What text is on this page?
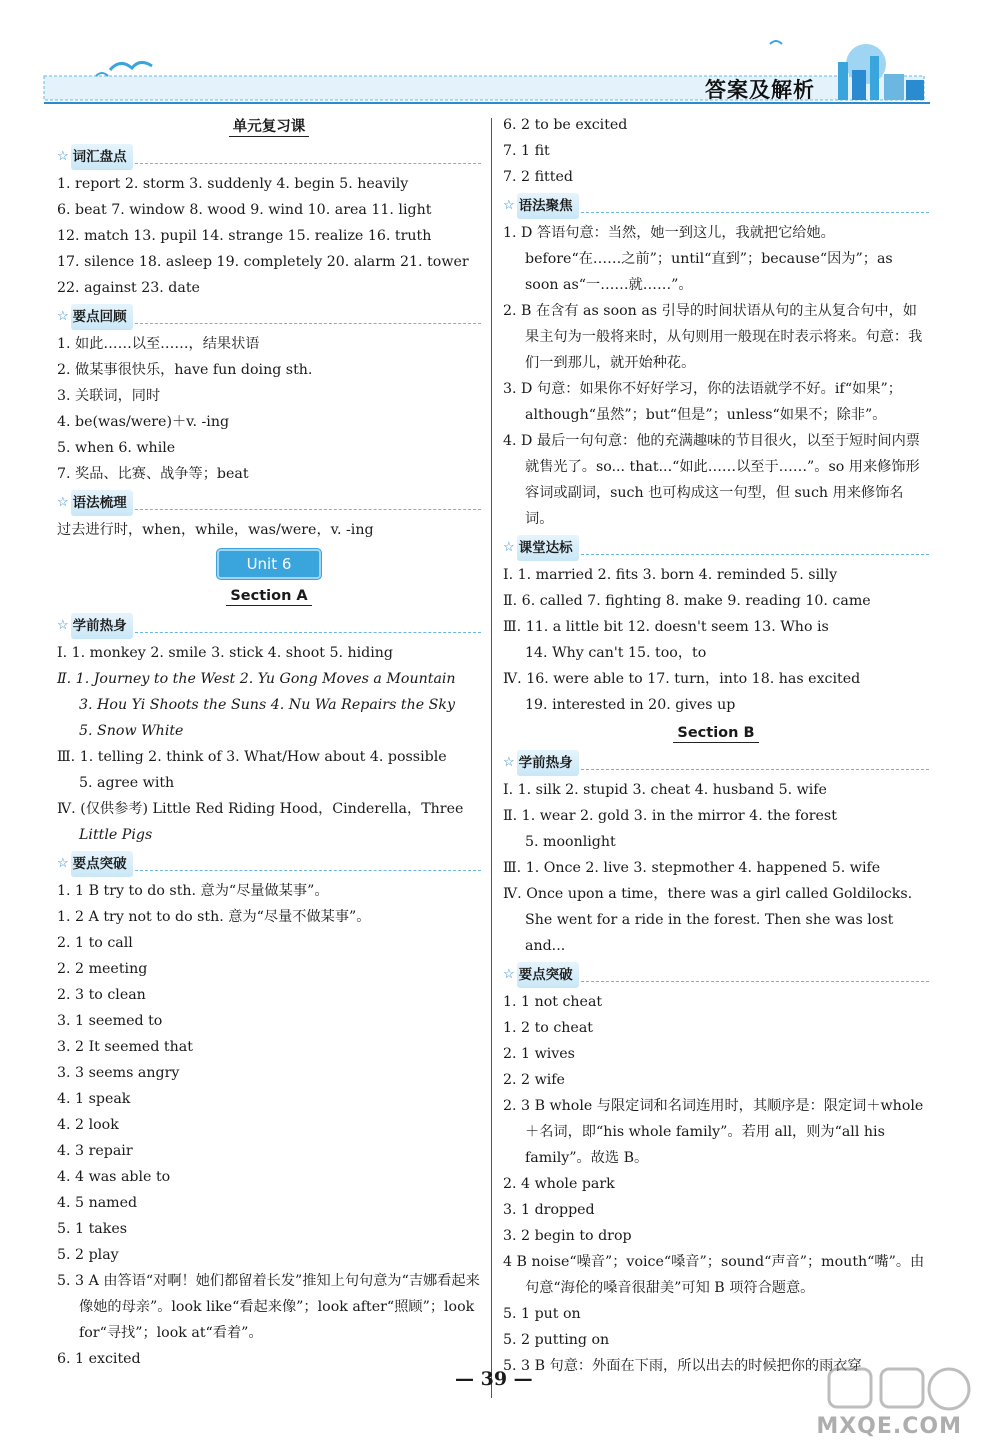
答案及解析
单元复习课
☆ 词汇盘点
1. report 2. storm 3. suddenly 4. begin 5. heavily
6. beat 7. window 8. wood 9. wind 10. area 11. light
12. match 13. pupil 14. strange 15. realize 16. truth
17. silence 18. asleep 19. completely 20. alarm 21. tower
22. against 23. date
☆ 要点回顾
1. 如此……以至……，结果状语
2. 做某事很快乐，have fun doing sth.
3. 关联词，同时
4. be(was/were)＋v. -ing
5. when 6. while
7. 奖品、比赛、战争等；beat
☆ 语法梳理
过去进行时，when，while，was/were，v. -ing
Unit 6
Section A
☆ 学前热身
Ⅰ. 1. monkey 2. smile 3. stick 4. shoot 5. hiding
Ⅱ. 1. Journey to the West 2. Yu Gong Moves a Mountain
3. Hou Yi Shoots the Suns 4. Nu Wa Repairs the Sky
5. Snow White
Ⅲ. 1. telling 2. think of 3. What/How about 4. possible
5. agree with
Ⅳ. (仅供参考) Little Red Riding Hood，Cinderella，Three
Little Pigs
☆ 要点突破
1. 1 B try to do sth. 意为“尽量做某事”。
1. 2 A try not to do sth. 意为“尽量不做某事”。
2. 1 to call
2. 2 meeting
2. 3 to clean
3. 1 seemed to
3. 2 It seemed that
3. 3 seems angry
4. 1 speak
4. 2 look
4. 3 repair
4. 4 was able to
4. 5 named
5. 1 takes
5. 2 play
5. 3 A 由答语“对啊！她们都留着长发”推知上句句意为“吉娜看起来像她的母亲”。look like“看起来像”；look after“照顾”；look for“寻找”；look at“看着”。
6. 1 excited
6. 2 to be excited
7. 1 fit
7. 2 fitted
☆ 语法聚焦
1. D 答语句意：当然，她一到这儿，我就把它给她。before“在……之前”；until“直到”；because“因为”；as soon as“一……就……”。
2. B 在含有 as soon as 引导的时间状语从句的主从复合句中，如果主句为一般将来时，从句则用一般现在时表示将来。句意：我们一到那儿，就开始种花。
3. D 句意：如果你不好好学习，你的法语就学不好。if“如果”；although“虽然”；but“但是”；unless“如果不；除非”。
4. D 最后一句句意：他的充满趣味的节目很火，以至于短时间内票就售光了。so... that...“如此……以至于……”。so 用来修饰形容词或副词，such 也可构成这一句型，但 such 用来修饰名词。
☆ 课堂达标
Ⅰ. 1. married 2. fits 3. born 4. reminded 5. silly
Ⅱ. 6. called 7. fighting 8. make 9. reading 10. came
Ⅲ. 11. a little bit 12. doesn't seem 13. Who is
14. Why can't 15. too，to
Ⅳ. 16. were able to 17. turn，into 18. has excited
19. interested in 20. gives up
Section B
☆ 学前热身
Ⅰ. 1. silk 2. stupid 3. cheat 4. husband 5. wife
Ⅱ. 1. wear 2. gold 3. in the mirror 4. the forest
5. moonlight
Ⅲ. 1. Once 2. live 3. stepmother 4. happened 5. wife
Ⅳ. Once upon a time，there was a girl called Goldilocks. She went for a ride in the forest. Then she was lost and...
☆ 要点突破
1. 1 not cheat
1. 2 to cheat
2. 1 wives
2. 2 wife
2. 3 B whole 与限定词和名词连用时，其顺序是：限定词＋whole＋名词，即“his whole family”。若用 all，则为“all his family”。故选 B。
2. 4 whole park
3. 1 dropped
3. 2 begin to drop
4 B noise“噪音”；voice“嗓音”；sound“声音”；mouth“嘴”。由句意“海伦的嗓音很甜美”可知 B 项符合题意。
5. 1 put on
5. 2 putting on
5. 3 B 句意：外面在下雨，所以出去的时候把你的雨衣穿
— 39 —
MXQE.COM
